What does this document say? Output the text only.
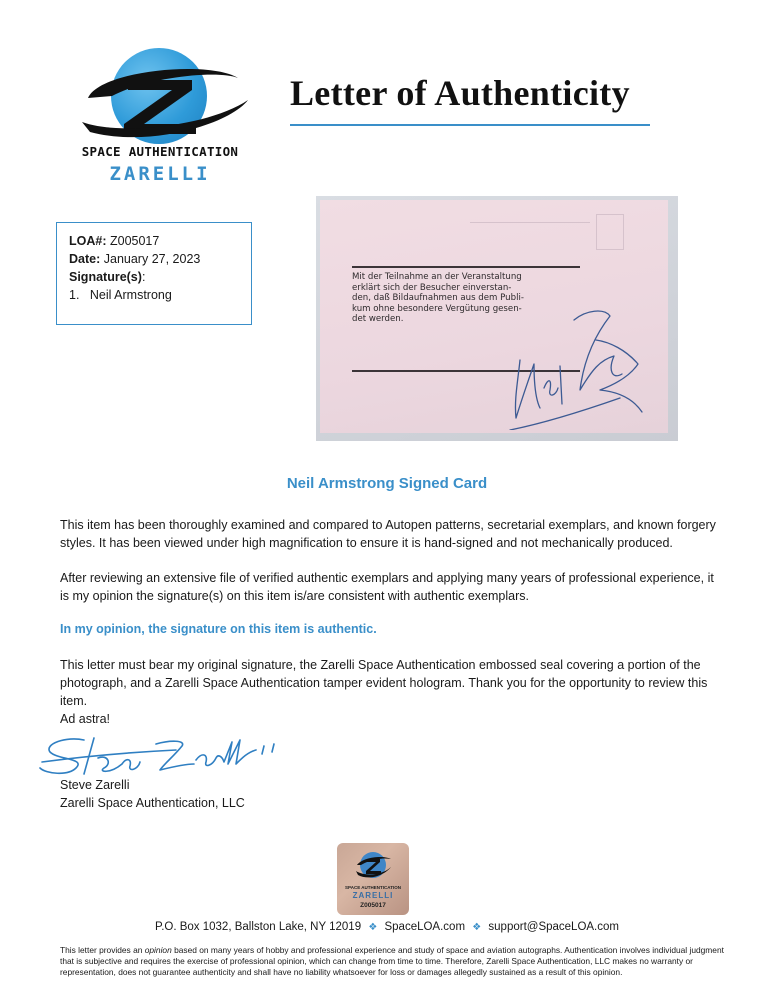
SPACE AUTHENTICATION
ZARELLI
Letter of Authenticity
LOA#: Z005017
Date: January 27, 2023
Signature(s):
1. Neil Armstrong
Mit der Teilnahme an der Veranstaltung
erklärt sich der Besucher einverstan-
den, daß Bildaufnahmen aus dem Publi-
kum ohne besondere Vergütung gesen-
det werden.
Neil Armstrong Signed Card
This item has been thoroughly examined and compared to Autopen patterns, secretarial exemplars, and known forgery styles. It has been viewed under high magnification to ensure it is hand-signed and not mechanically produced.
After reviewing an extensive file of verified authentic exemplars and applying many years of professional experience, it is my opinion the signature(s) on this item is/are consistent with authentic exemplars.
In my opinion, the signature on this item is authentic.
This letter must bear my original signature, the Zarelli Space Authentication embossed seal covering a portion of the photograph, and a Zarelli Space Authentication tamper evident hologram. Thank you for the opportunity to review this item.
Ad astra!
Steve Zarelli
Zarelli Space Authentication, LLC
SPACE AUTHENTICATION
ZARELLI
Z005017
P.O. Box 1032, Ballston Lake, NY 12019 ❖ SpaceLOA.com ❖ support@SpaceLOA.com
This letter provides an opinion based on many years of hobby and professional experience and study of space and aviation autographs. Authentication involves individual judgment that is subjective and requires the exercise of professional opinion, which can change from time to time. Therefore, Zarelli Space Authentication, LLC makes no warranty or representation, does not guarantee authenticity and shall have no liability whatsoever for loss or damages allegedly sustained as a result of this opinion.
